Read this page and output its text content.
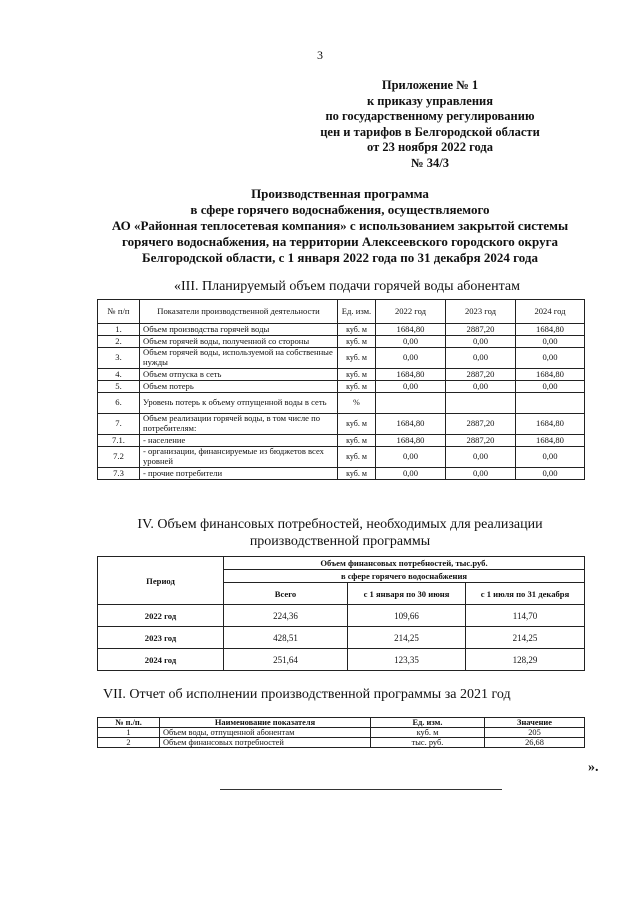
3
Приложение № 1
к приказу управления
по государственному регулированию
цен и тарифов в Белгородской области
от 23 ноября 2022 года
№ 34/3
Производственная программа
в сфере горячего водоснабжения, осуществляемого
АО «Районная теплосетевая компания» с использованием закрытой системы
горячего водоснабжения, на территории Алексеевского городского округа
Белгородской области, с 1 января 2022 года по 31 декабря 2024 года
«III. Планируемый объем подачи горячей воды абонентам
№ п/п	Показатели производственной деятельности	Ед. изм.	2022 год	2023 год	2024 год
1.	Объем производства горячей воды	куб. м	1684,80	2887,20	1684,80
2.	Объем горячей воды, полученной со стороны	куб. м	0,00	0,00	0,00
3.	Объем горячей воды, используемой на собственные нужды	куб. м	0,00	0,00	0,00
4.	Объем отпуска в сеть	куб. м	1684,80	2887,20	1684,80
5.	Объем потерь	куб. м	0,00	0,00	0,00
6.	Уровень потерь к объему отпущенной воды в сеть	%			
7.	Объем реализации горячей воды, в том числе по потребителям:	куб. м	1684,80	2887,20	1684,80
7.1.	- население	куб. м	1684,80	2887,20	1684,80
7.2	- организации, финансируемые из бюджетов всех уровней	куб. м	0,00	0,00	0,00
7.3	- прочие потребители	куб. м	0,00	0,00	0,00
IV. Объем финансовых потребностей, необходимых для реализации
производственной программы
Период	Объем финансовых потребностей, тыс.руб.		
	в сфере горячего водоснабжения		
	Всего	с 1 января по 30 июня	с 1 июля по 31 декабря
2022 год	224,36	109,66	114,70
2023 год	428,51	214,25	214,25
2024 год	251,64	123,35	128,29
VII. Отчет об исполнении производственной программы за 2021 год
№ п./п.	Наименование показателя	Ед. изм.	Значение
1	Объем воды, отпущенной абонентам	куб. м	205
2	Объем финансовых потребностей	тыс. руб.	26,68
».
